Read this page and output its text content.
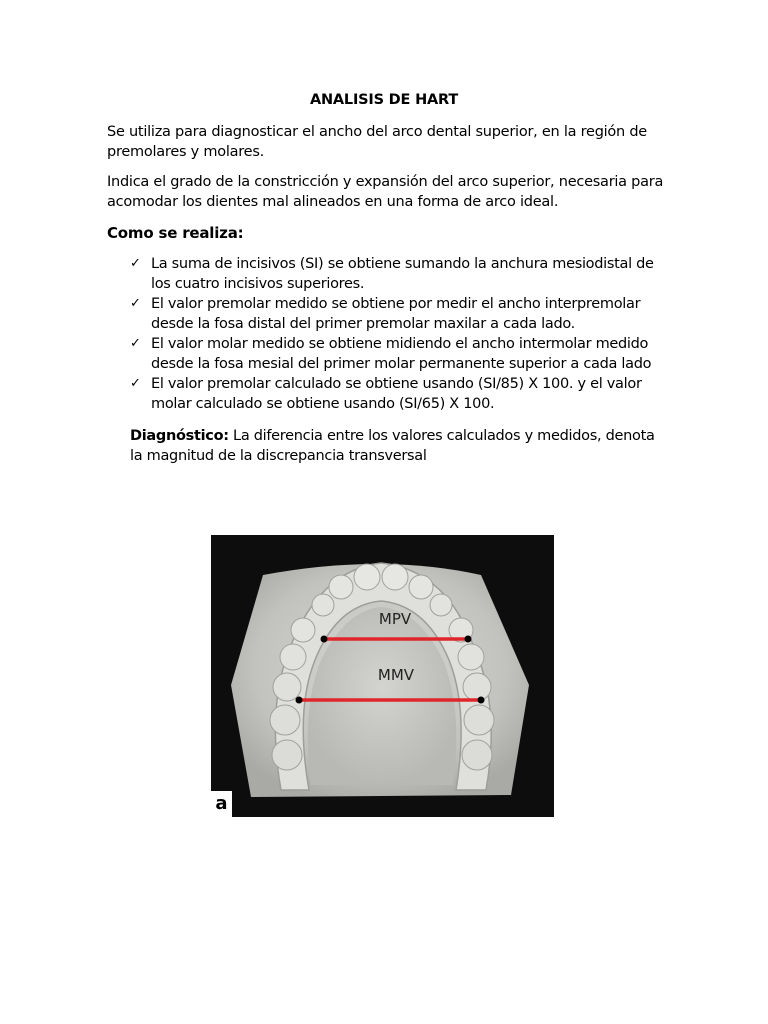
ANALISIS DE HART
Se utiliza para diagnosticar el ancho del arco dental superior, en la región de premolares y molares.
Indica el grado de la constricción y expansión del arco superior, necesaria para acomodar los dientes mal alineados en una forma de arco ideal.
Como se realiza:
✓ La suma de incisivos (SI) se obtiene sumando la anchura mesiodistal de los cuatro incisivos superiores.
✓ El valor premolar medido se obtiene por medir el ancho interpremolar desde la fosa distal del primer premolar maxilar a cada lado.
✓ El valor molar medido se obtiene midiendo el ancho intermolar medido desde la fosa mesial del primer molar permanente superior a cada lado
✓ El valor premolar calculado se obtiene usando (SI/85) X 100. y el valor molar calculado se obtiene usando (SI/65) X 100.
Diagnóstico: La diferencia entre los valores calculados y medidos, denota la magnitud de la discrepancia transversal
MPV
MMV
a
